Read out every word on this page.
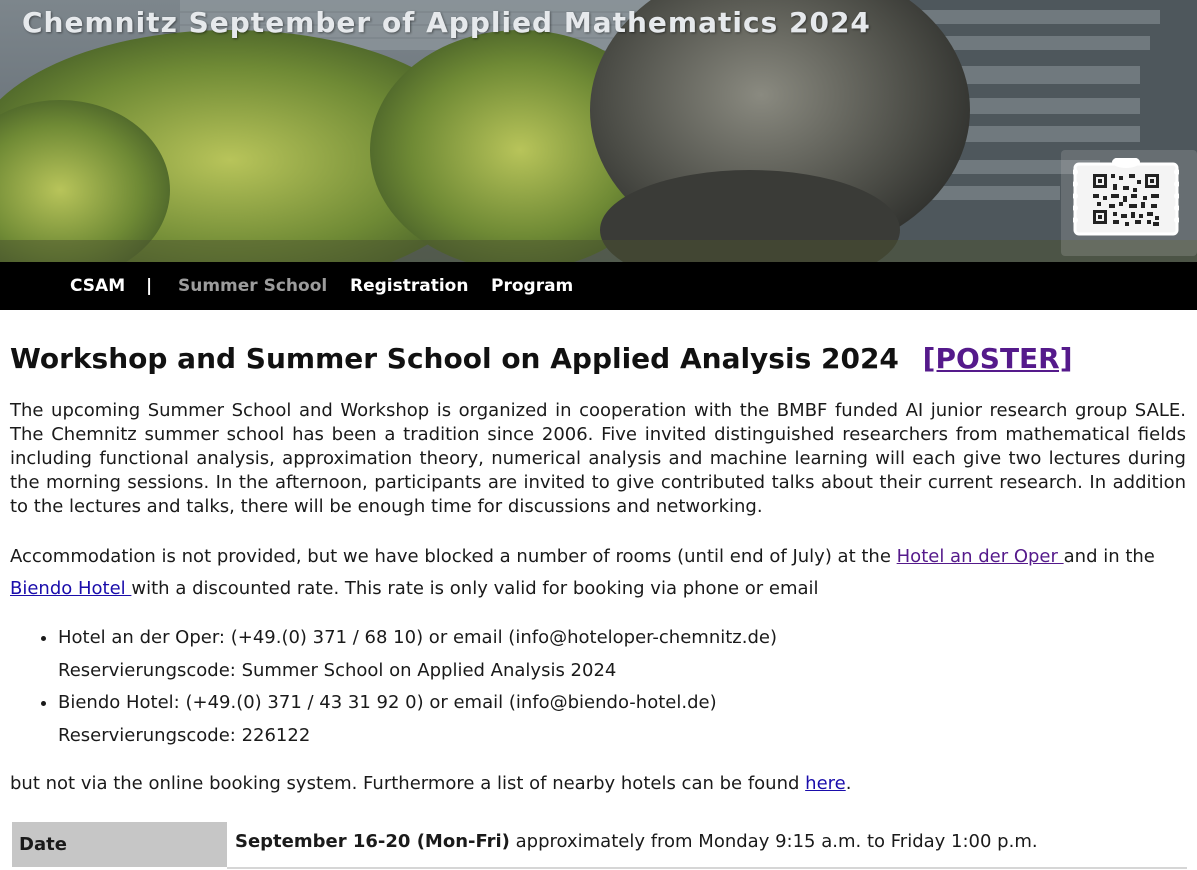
Chemnitz September of Applied Mathematics 2024
CSAM | Summer School Registration Program
Workshop and Summer School on Applied Analysis 2024 [POSTER]

The upcoming Summer School and Workshop is organized in cooperation with the BMBF funded AI junior research group SALE. The Chemnitz summer school has been a tradition since 2006. Five invited distinguished researchers from mathematical fields including functional analysis, approximation theory, numerical analysis and machine learning will each give two lectures during the morning sessions. In the afternoon, participants are invited to give contributed talks about their current research. In addition to the lectures and talks, there will be enough time for discussions and networking.

Accommodation is not provided, but we have blocked a number of rooms (until end of July) at the Hotel an der Oper and in the Biendo Hotel with a discounted rate. This rate is only valid for booking via phone or email

• Hotel an der Oper: (+49.(0) 371 / 68 10) or email (info@hoteloper-chemnitz.de)
Reservierungscode: Summer School on Applied Analysis 2024
• Biendo Hotel: (+49.(0) 371 / 43 31 92 0) or email (info@biendo-hotel.de)
Reservierungscode: 226122

but not via the online booking system. Furthermore a list of nearby hotels can be found here.

Date	September 16-20 (Mon-Fri) approximately from Monday 9:15 a.m. to Friday 1:00 p.m.
